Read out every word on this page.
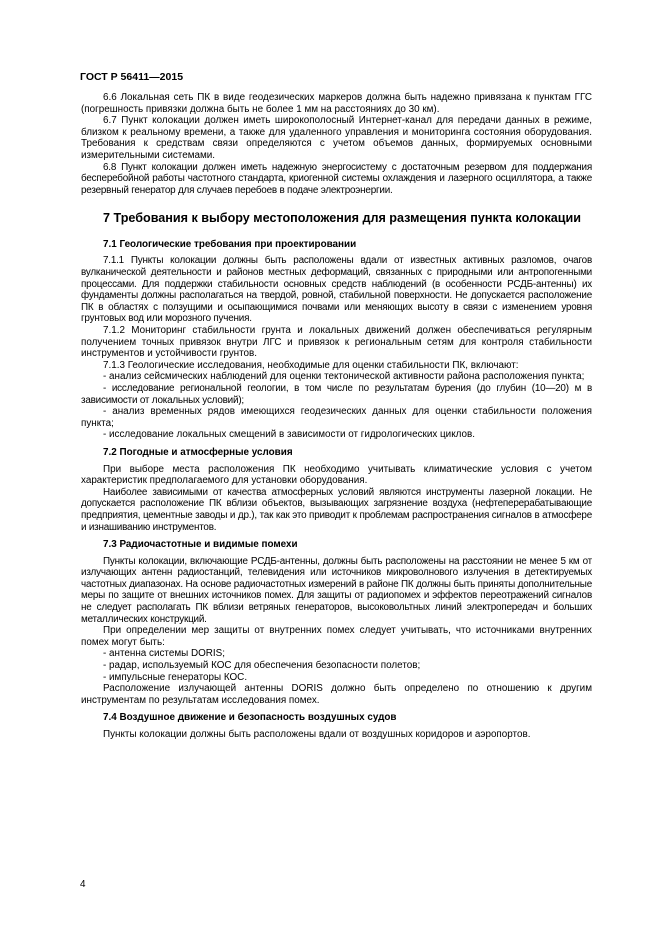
ГОСТ Р 56411—2015

6.6 Локальная сеть ПК в виде геодезических маркеров должна быть надежно привязана к пунктам ГГС (погрешность привязки должна быть не более 1 мм на расстояниях до 30 км).

6.7 Пункт колокации должен иметь широкополосный Интернет-канал для передачи данных в режиме, близком к реальному времени, а также для удаленного управления и мониторинга состояния оборудования. Требования к средствам связи определяются с учетом объемов данных, формируемых основными измерительными системами.

6.8 Пункт колокации должен иметь надежную энергосистему с достаточным резервом для поддержания бесперебойной работы частотного стандарта, криогенной системы охлаждения и лазерного осциллятора, а также резервный генератор для случаев перебоев в подаче электроэнергии.

7 Требования к выбору местоположения для размещения пункта колокации
7.1 Геологические требования при проектировании

7.1.1 Пункты колокации должны быть расположены вдали от известных активных разломов, очагов вулканической деятельности и районов местных деформаций, связанных с природными или антропогенными процессами. Для поддержки стабильности основных средств наблюдений (в особенности РСДБ-антенны) их фундаменты должны располагаться на твердой, ровной, стабильной поверхности. Не допускается расположение ПК в областях с ползущими и осыпающимися почвами или меняющих высоту в связи с изменением уровня грунтовых вод или морозного пучения.

7.1.2 Мониторинг стабильности грунта и локальных движений должен обеспечиваться регулярным получением точных привязок внутри ЛГС и привязок к региональным сетям для контроля стабильности инструментов и устойчивости грунтов.

7.1.3 Геологические исследования, необходимые для оценки стабильности ПК, включают:

- анализ сейсмических наблюдений для оценки тектонической активности района расположения пункта;

- исследование региональной геологии, в том числе по результатам бурения (до глубин (10—20) м в зависимости от локальных условий);

- анализ временных рядов имеющихся геодезических данных для оценки стабильности положения пункта;

- исследование локальных смещений в зависимости от гидрологических циклов.

7.2 Погодные и атмосферные условия

При выборе места расположения ПК необходимо учитывать климатические условия с учетом характеристик предполагаемого для установки оборудования.

Наиболее зависимыми от качества атмосферных условий являются инструменты лазерной локации. Не допускается расположение ПК вблизи объектов, вызывающих загрязнение воздуха (нефтеперерабатывающие предприятия, цементные заводы и др.), так как это приводит к проблемам распространения сигналов в атмосфере и изнашиванию инструментов.

7.3 Радиочастотные и видимые помехи

Пункты колокации, включающие РСДБ-антенны, должны быть расположены на расстоянии не менее 5 км от излучающих антенн радиостанций, телевидения или источников микроволнового излучения в детектируемых частотных диапазонах. На основе радиочастотных измерений в районе ПК должны быть приняты дополнительные меры по защите от внешних источников помех. Для защиты от радиопомех и эффектов переотражений сигналов не следует располагать ПК вблизи ветряных генераторов, высоковольтных линий электропередач и больших металлических конструкций.

При определении мер защиты от внутренних помех следует учитывать, что источниками внутренних помех могут быть:

- антенна системы DORIS;

- радар, используемый КОС для обеспечения безопасности полетов;

- импульсные генераторы КОС.

Расположение излучающей антенны DORIS должно быть определено по отношению к другим инструментам по результатам исследования помех.

7.4 Воздушное движение и безопасность воздушных судов

Пункты колокации должны быть расположены вдали от воздушных коридоров и аэропортов.

4
